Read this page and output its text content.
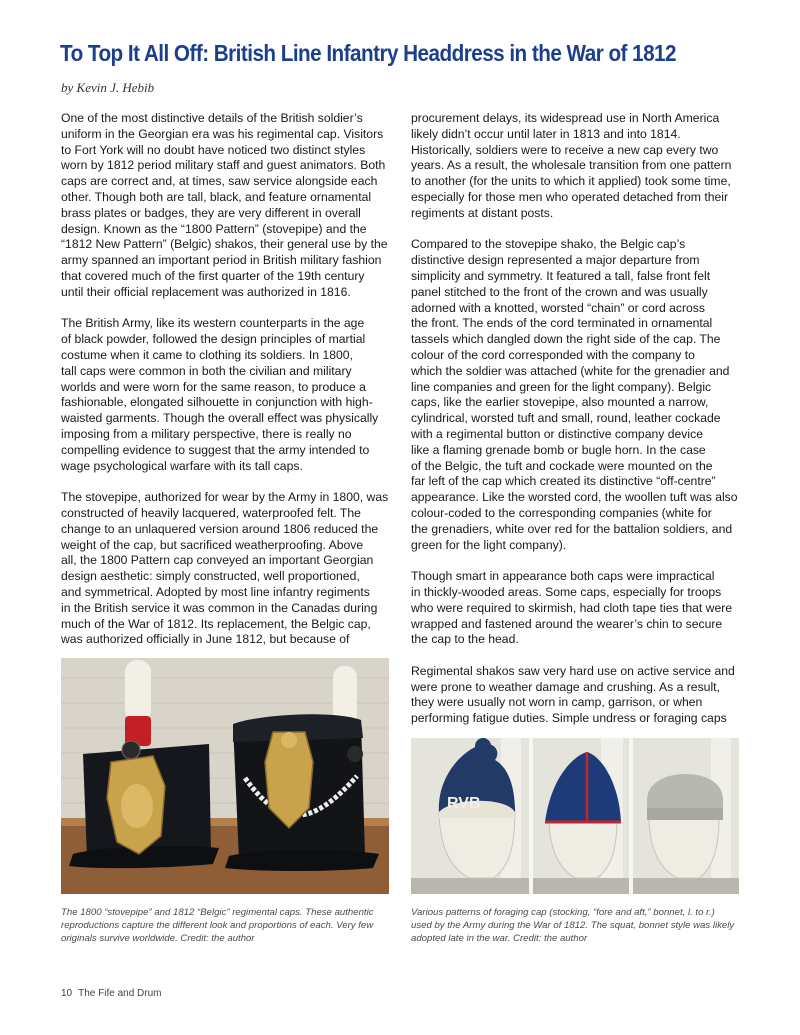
To Top It All Off: British Line Infantry Headdress in the War of 1812
by Kevin J. Hebib
One of the most distinctive details of the British soldier’s
uniform in the Georgian era was his regimental cap. Visitors
to Fort York will no doubt have noticed two distinct styles
worn by 1812 period military staff and guest animators. Both
caps are correct and, at times, saw service alongside each
other. Though both are tall, black, and feature ornamental
brass plates or badges, they are very different in overall
design. Known as the “1800 Pattern” (stovepipe) and the
“1812 New Pattern” (Belgic) shakos, their general use by the
army spanned an important period in British military fashion
that covered much of the first quarter of the 19th century
until their official replacement was authorized in 1816.
The British Army, like its western counterparts in the age
of black powder, followed the design principles of martial
costume when it came to clothing its soldiers. In 1800,
tall caps were common in both the civilian and military
worlds and were worn for the same reason, to produce a
fashionable, elongated silhouette in conjunction with high-
waisted garments. Though the overall effect was physically
imposing from a military perspective, there is really no
compelling evidence to suggest that the army intended to
wage psychological warfare with its tall caps.
The stovepipe, authorized for wear by the Army in 1800, was
constructed of heavily lacquered, waterproofed felt. The
change to an unlaquered version around 1806 reduced the
weight of the cap, but sacrificed weatherproofing. Above
all, the 1800 Pattern cap conveyed an important Georgian
design aesthetic: simply constructed, well proportioned,
and symmetrical. Adopted by most line infantry regiments
in the British service it was common in the Canadas during
much of the War of 1812. Its replacement, the Belgic cap,
was authorized officially in June 1812, but because of
procurement delays, its widespread use in North America
likely didn’t occur until later in 1813 and into 1814.
Historically, soldiers were to receive a new cap every two
years. As a result, the wholesale transition from one pattern
to another (for the units to which it applied) took some time,
especially for those men who operated detached from their
regiments at distant posts.
Compared to the stovepipe shako, the Belgic cap’s
distinctive design represented a major departure from
simplicity and symmetry. It featured a tall, false front felt
panel stitched to the front of the crown and was usually
adorned with a knotted, worsted “chain” or cord across
the front. The ends of the cord terminated in ornamental
tassels which dangled down the right side of the cap. The
colour of the cord corresponded with the company to
which the soldier was attached (white for the grenadier and
line companies and green for the light company). Belgic
caps, like the earlier stovepipe, also mounted a narrow,
cylindrical, worsted tuft and small, round, leather cockade
with a regimental button or distinctive company device
like a flaming grenade bomb or bugle horn. In the case
of the Belgic, the tuft and cockade were mounted on the
far left of the cap which created its distinctive “off-centre”
appearance. Like the worsted cord, the woollen tuft was also
colour-coded to the corresponding companies (white for
the grenadiers, white over red for the battalion soldiers, and
green for the light company).
Though smart in appearance both caps were impractical
in thickly-wooded areas. Some caps, especially for troops
who were required to skirmish, had cloth tape ties that were
wrapped and fastened around the wearer’s chin to secure
the cap to the head.
Regimental shakos saw very hard use on active service and
were prone to weather damage and crushing. As a result,
they were usually not worn in camp, garrison, or when
performing fatigue duties. Simple undress or foraging caps
RVB
The 1800 “stovepipe” and 1812 “Belgic” regimental caps. These authentic
reproductions capture the different look and proportions of each. Very few
originals survive worldwide. Credit: the author
Various patterns of foraging cap (stocking, “fore and aft,” bonnet, l. to r.)
used by the Army during the War of 1812. The squat, bonnet style was likely
adopted late in the war. Credit: the author
10 The Fife and Drum
